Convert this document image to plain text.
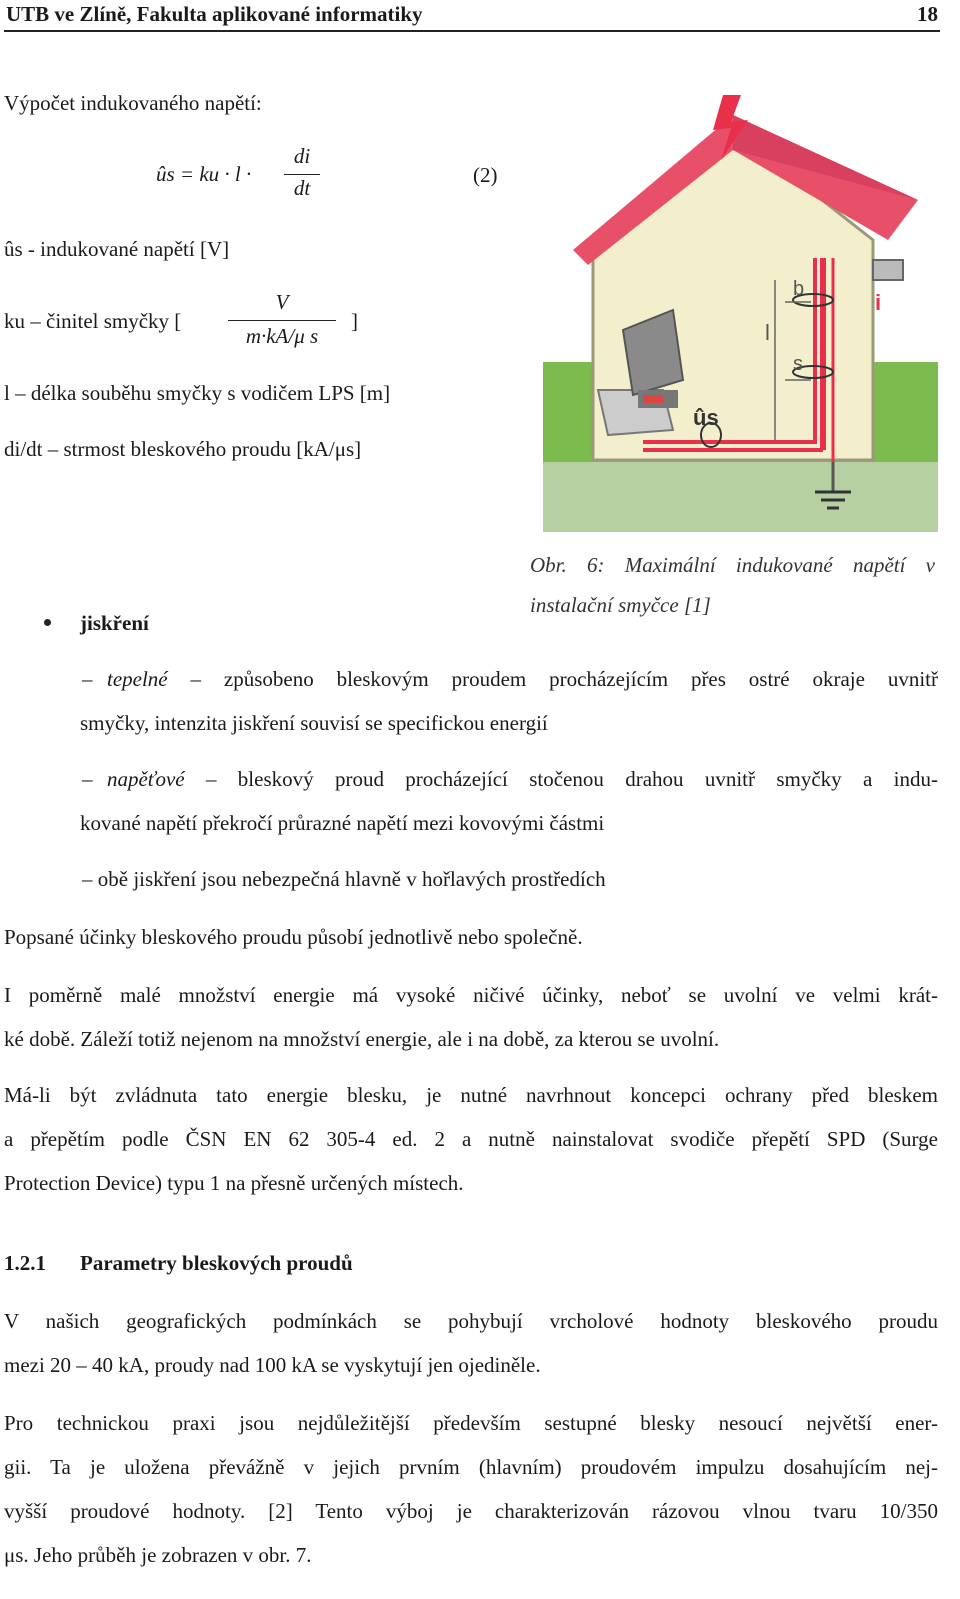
UTB ve Zlíně, Fakulta aplikované informatiky	18
Výpočet indukovaného napětí:
ûs = ku · l ·
di
dt
(2)
ûs - indukované napětí [V]
ku – činitel smyčky [
V
m·kA/μ s
]
l – délka souběhu smyčky s vodičem LPS [m]
di/dt – strmost bleskového proudu [kA/μs]
b
l
s
i
ûs
Obr. 6: Maximální indukované napětí v
instalační smyčce [1]
jiskření
– tepelné – způsobeno bleskovým proudem procházejícím přes ostré okraje uvnitř
smyčky, intenzita jiskření souvisí se specifickou energií
– napěťové – bleskový proud procházející stočenou drahou uvnitř smyčky a indu-
kované napětí překročí průrazné napětí mezi kovovými částmi
– obě jiskření jsou nebezpečná hlavně v hořlavých prostředích
Popsané účinky bleskového proudu působí jednotlivě nebo společně.
I poměrně malé množství energie má vysoké ničivé účinky, neboť se uvolní ve velmi krát-
ké době. Záleží totiž nejenom na množství energie, ale i na době, za kterou se uvolní.
Má-li být zvládnuta tato energie blesku, je nutné navrhnout koncepci ochrany před bleskem
a přepětím podle ČSN EN 62 305-4 ed. 2 a nutně nainstalovat svodiče přepětí SPD (Surge
Protection Device) typu 1 na přesně určených místech.
1.2.1 Parametry bleskových proudů
V našich geografických podmínkách se pohybují vrcholové hodnoty bleskového proudu
mezi 20 – 40 kA, proudy nad 100 kA se vyskytují jen ojediněle.
Pro technickou praxi jsou nejdůležitější především sestupné blesky nesoucí největší ener-
gii. Ta je uložena převážně v jejich prvním (hlavním) proudovém impulzu dosahujícím nej-
vyšší proudové hodnoty. [2] Tento výboj je charakterizován rázovou vlnou tvaru 10/350
μs. Jeho průběh je zobrazen v obr. 7.
